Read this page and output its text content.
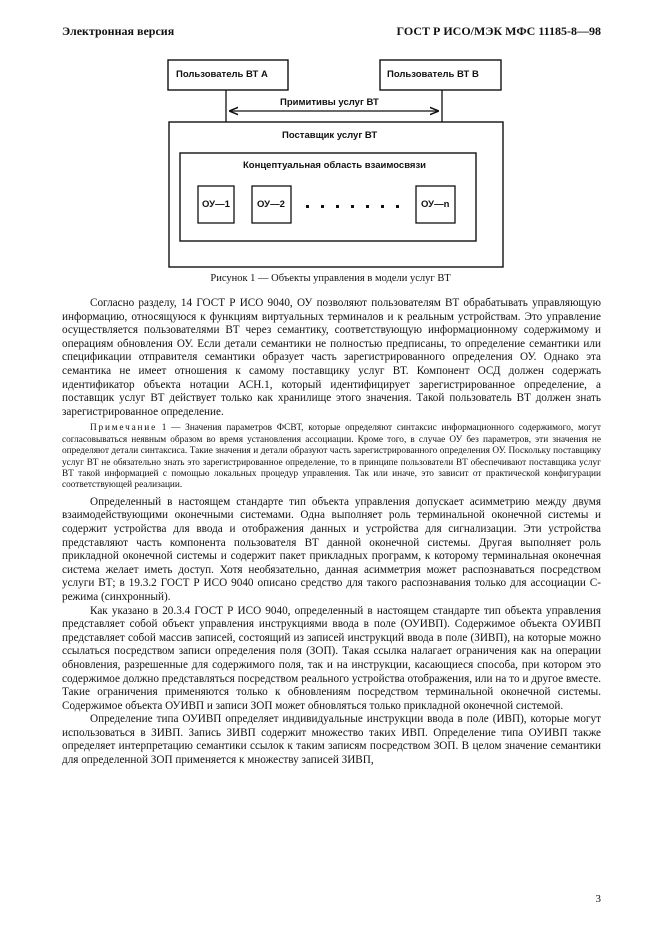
Электронная версия	ГОСТ Р ИСО/МЭК МФС 11185-8—98
Пользователь ВТ А	Пользователь ВТ В
Примитивы услуг ВТ
Поставщик услуг ВТ
Концептуальная область взаимосвязи
ОУ—1	ОУ—2	ОУ—n
Рисунок 1 — Объекты управления в модели услуг ВТ

Согласно разделу, 14 ГОСТ Р ИСО 9040, ОУ позволяют пользователям ВТ обрабатывать управляющую информацию, относящуюся к функциям виртуальных терминалов и к реальным устройствам. Это управление осуществляется пользователями ВТ через семантику, соответствующую информационному содержимому и операциям обновления ОУ. Если детали семантики не полностью предписаны, то определение семантики или спецификации отправителя семантики образует часть зарегистрированного определения ОУ. Однако эта семантика не имеет отношения к самому поставщику услуг ВТ. Компонент ОСД должен содержать идентификатор объекта нотации АСН.1, который идентифицирует зарегистрированное определение, а поставщик услуг ВТ действует только как хранилище этого значения. Такой пользователь ВТ должен знать зарегистрированное определение.

Примечание 1 — Значения параметров ФСВТ, которые определяют синтаксис информационного содержимого, могут согласовываться неявным образом во время установления ассоциации. Кроме того, в случае ОУ без параметров, эти значения не определяют детали синтаксиса. Такие значения и детали образуют часть зарегистрированного определения ОУ. Поскольку поставщику услуг ВТ не обязательно знать это зарегистрированное определение, то в принципе пользователи ВТ обеспечивают поставщика услуг ВТ такой информацией с помощью локальных процедур управления. Так или иначе, это зависит от практической конфигурации соответствующей реализации.

Определенный в настоящем стандарте тип объекта управления допускает асимметрию между двумя взаимодействующими оконечными системами. Одна выполняет роль терминальной оконечной системы и содержит устройства для ввода и отображения данных и устройства для сигнализации. Эти устройства представляют часть компонента пользователя ВТ данной оконечной системы. Другая выполняет роль прикладной оконечной системы и содержит пакет прикладных программ, к которому терминальная оконечная система желает иметь доступ. Хотя необязательно, данная асимметрия может распознаваться посредством услуги ВТ; в 19.3.2 ГОСТ Р ИСО 9040 описано средство для такого распознавания только для ассоциации С-режима (синхронный).

Как указано в 20.3.4 ГОСТ Р ИСО 9040, определенный в настоящем стандарте тип объекта управления представляет собой объект управления инструкциями ввода в поле (ОУИВП). Содержимое объекта ОУИВП представляет собой массив записей, состоящий из записей инструкций ввода в поле (ЗИВП), на которые можно ссылаться посредством записи определения поля (ЗОП). Такая ссылка налагает ограничения как на операции обновления, разрешенные для содержимого поля, так и на инструкции, касающиеся способа, при котором это содержимое должно представляться посредством реального устройства отображения, или на то и другое вместе. Такие ограничения применяются только к обновлениям посредством терминальной оконечной системы. Содержимое объекта ОУИВП и записи ЗОП может обновляться только прикладной оконечной системой.

Определение типа ОУИВП определяет индивидуальные инструкции ввода в поле (ИВП), которые могут использоваться в ЗИВП. Запись ЗИВП содержит множество таких ИВП. Определение типа ОУИВП также определяет интерпретацию семантики ссылок к таким записям посредством ЗОП. В целом значение семантики для определенной ЗОП применяется к множеству записей ЗИВП,

3
